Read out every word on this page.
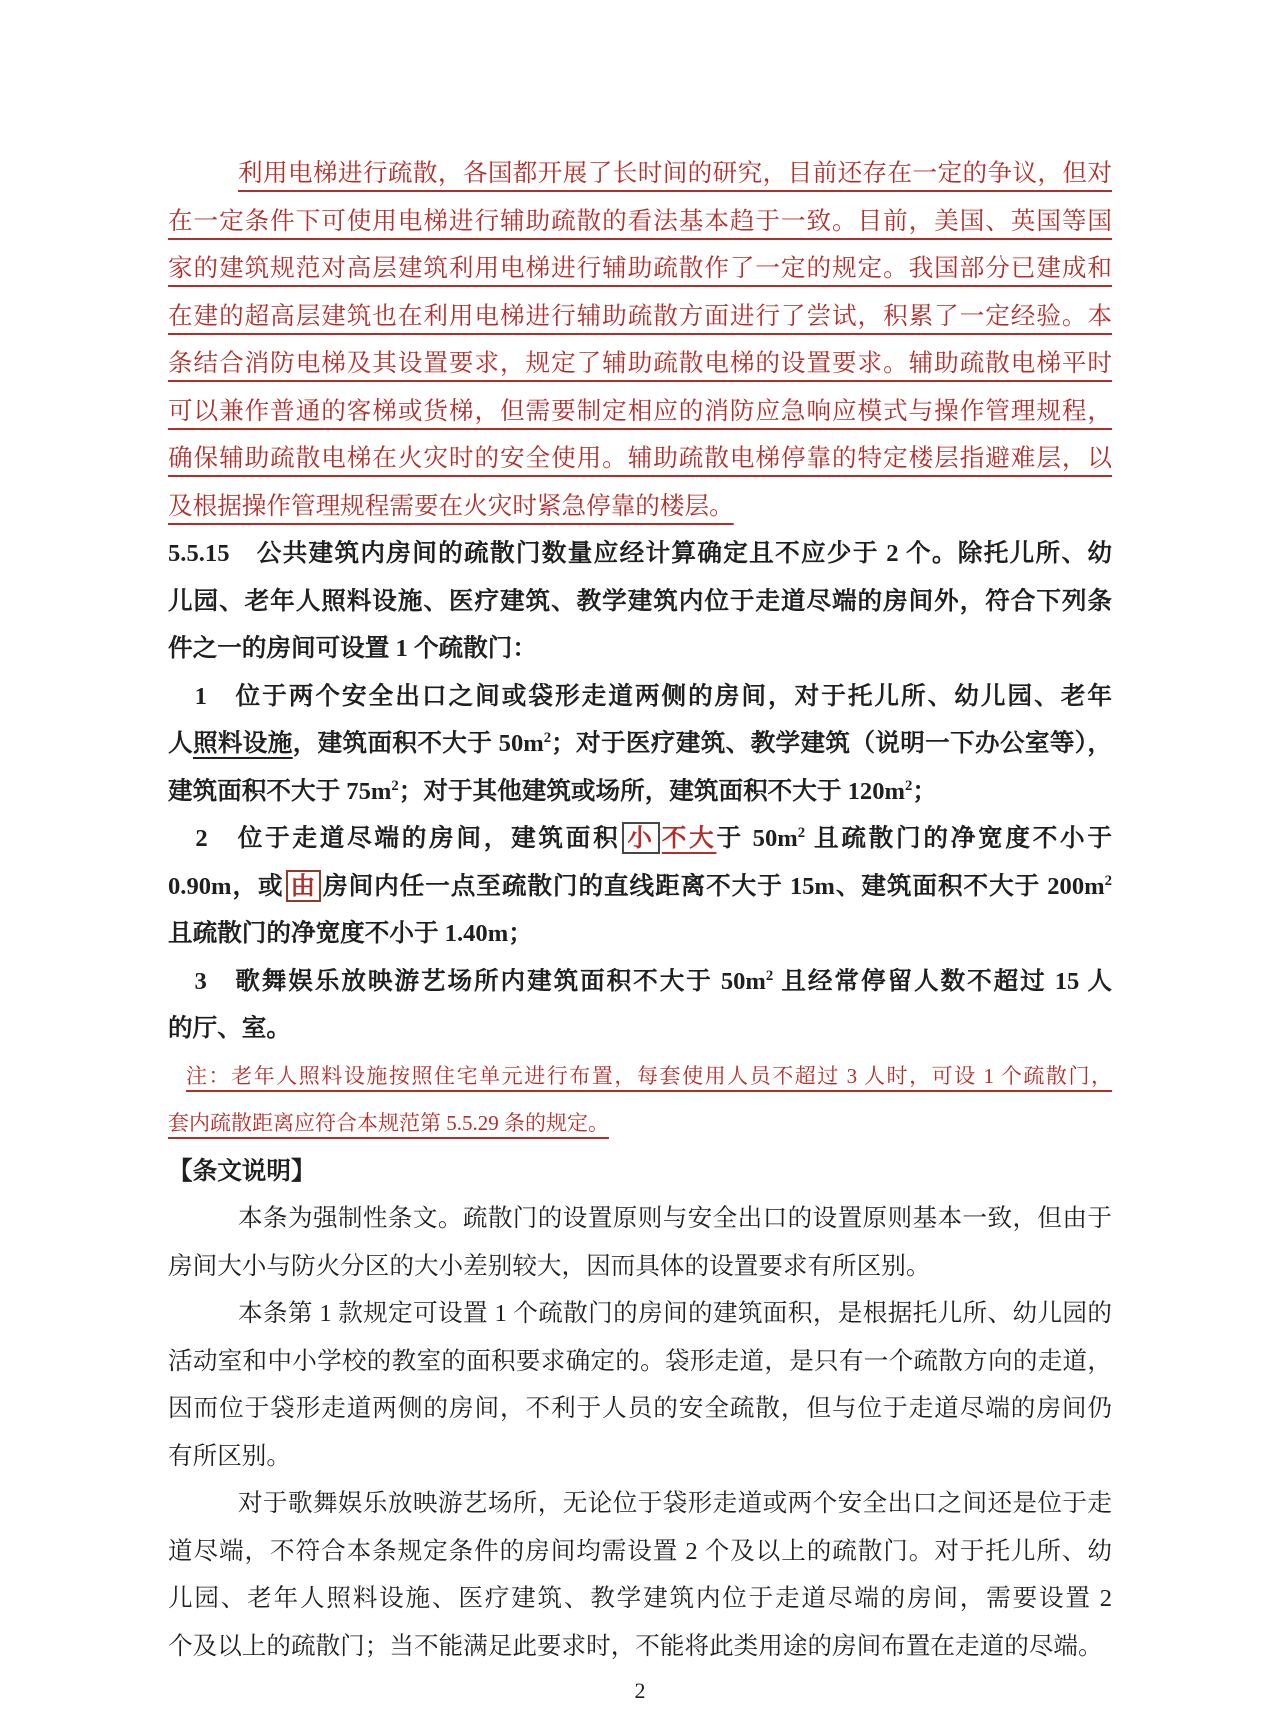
利用电梯进行疏散，各国都开展了长时间的研究，目前还存在一定的争议，但对
在一定条件下可使用电梯进行辅助疏散的看法基本趋于一致。目前，美国、英国等国
家的建筑规范对高层建筑利用电梯进行辅助疏散作了一定的规定。我国部分已建成和
在建的超高层建筑也在利用电梯进行辅助疏散方面进行了尝试，积累了一定经验。本
条结合消防电梯及其设置要求，规定了辅助疏散电梯的设置要求。辅助疏散电梯平时
可以兼作普通的客梯或货梯，但需要制定相应的消防应急响应模式与操作管理规程，
确保辅助疏散电梯在火灾时的安全使用。辅助疏散电梯停靠的特定楼层指避难层，以
及根据操作管理规程需要在火灾时紧急停靠的楼层。
5.5.15　公共建筑内房间的疏散门数量应经计算确定且不应少于 2 个。除托儿所、幼
儿园、老年人照料设施、医疗建筑、教学建筑内位于走道尽端的房间外，符合下列条
件之一的房间可设置 1 个疏散门：
　1　位于两个安全出口之间或袋形走道两侧的房间，对于托儿所、幼儿园、老年
人照料设施，建筑面积不大于 $50m^2$；对于医疗建筑、教学建筑（说明一下办公室等），
建筑面积不大于 $75m^2$；对于其他建筑或场所，建筑面积不大于 $120m^2$；
　2　位于走道尽端的房间，建筑面积 小 不大于 $50m^2$ 且疏散门的净宽度不小于
0.90m，或 由 房间内任一点至疏散门的直线距离不大于 15m、建筑面积不大于 $200m^2$
且疏散门的净宽度不小于 1.40m；
　3　歌舞娱乐放映游艺场所内建筑面积不大于 $50m^2$ 且经常停留人数不超过 15 人
的厅、室。
注：老年人照料设施按照住宅单元进行布置，每套使用人员不超过 3 人时，可设 1 个疏散门，
套内疏散距离应符合本规范第 5.5.29 条的规定。
【条文说明】
本条为强制性条文。疏散门的设置原则与安全出口的设置原则基本一致，但由于
房间大小与防火分区的大小差别较大，因而具体的设置要求有所区别。
本条第 1 款规定可设置 1 个疏散门的房间的建筑面积，是根据托儿所、幼儿园的
活动室和中小学校的教室的面积要求确定的。袋形走道，是只有一个疏散方向的走道，
因而位于袋形走道两侧的房间，不利于人员的安全疏散，但与位于走道尽端的房间仍
有所区别。
对于歌舞娱乐放映游艺场所，无论位于袋形走道或两个安全出口之间还是位于走
道尽端，不符合本条规定条件的房间均需设置 2 个及以上的疏散门。对于托儿所、幼
儿园、老年人照料设施、医疗建筑、教学建筑内位于走道尽端的房间，需要设置 2
个及以上的疏散门；当不能满足此要求时，不能将此类用途的房间布置在走道的尽端。
2
